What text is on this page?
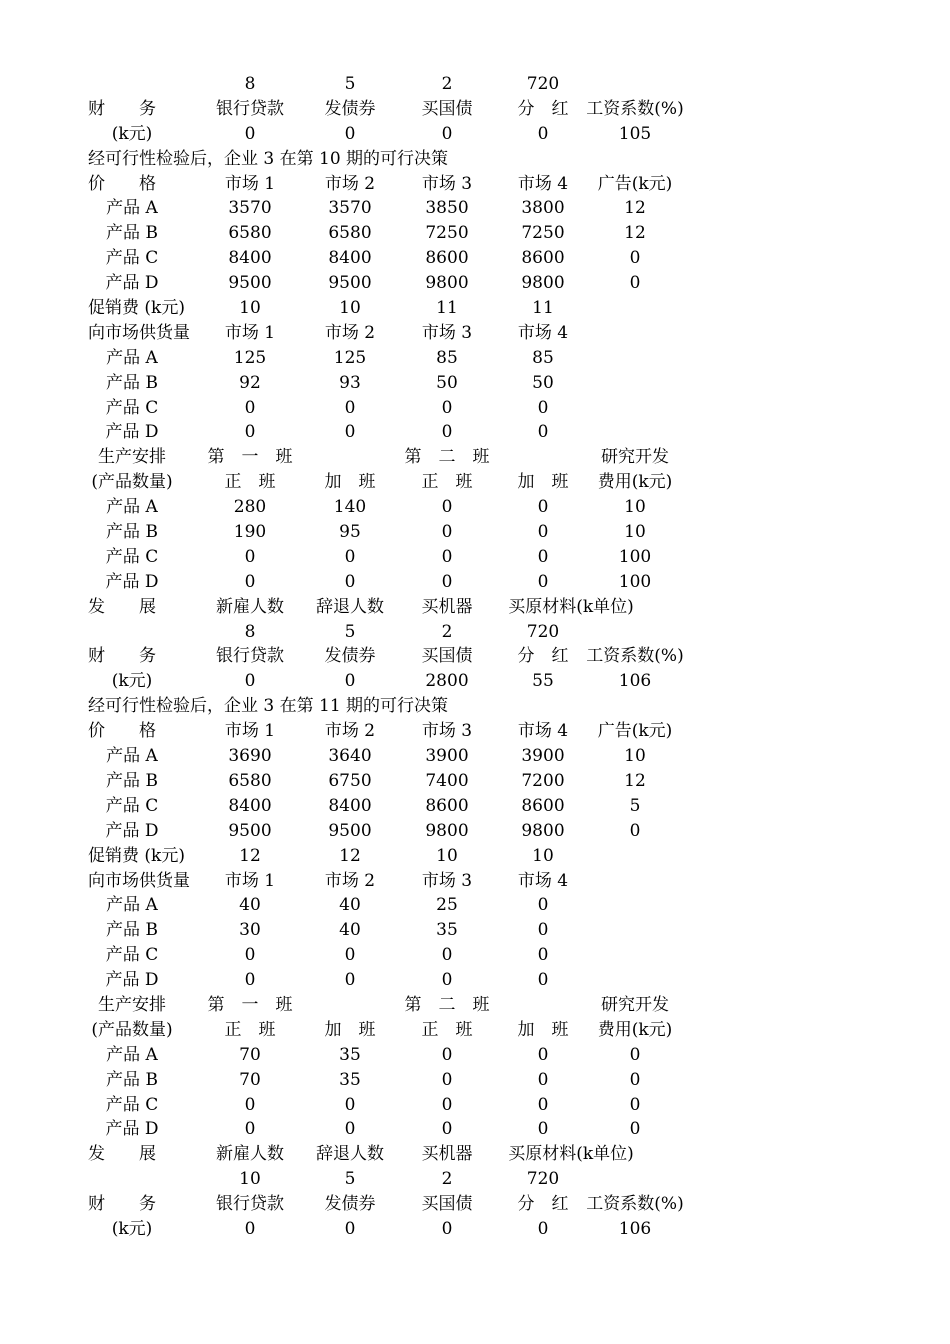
8	5	2	720
财　　务	银行贷款 发债券	买国债	分　红 工资系数(%)
(k元)	0	0	0	0	105
经可行性检验后，企业 3 在第 10 期的可行决策
价　　格	市场 1	市场 2	市场 3	市场 4 广告(k元)
产品 A	3570	3570	3850	3800	12
产品 B	6580	6580	7250	7250	12
产品 C	8400	8400	8600	8600	0
产品 D	9500	9500	9800	9800	0
促销费 (k元)	10	10	11	11
向市场供货量 市场 1	市场 2	市场 3	市场 4
产品 A	125	125	85	85
产品 B	92	93	50	50
产品 C	0	0	0	0
产品 D	0	0	0	0
生产安排 第　一　班	第　二　班	研究开发
(产品数量)	正　班	加　班	正　班	加　班 费用(k元)
产品 A	280	140	0	0	10
产品 B	190	95	0	0	10
产品 C	0	0	0	0	100
产品 D	0	0	0	0	100
发　　展	新雇人数 辞退人数 买机器 买原材料(k单位)
8	5	2	720
财　　务	银行贷款 发债券	买国债	分　红 工资系数(%)
(k元)	0	0	2800	55	106
经可行性检验后，企业 3 在第 11 期的可行决策
价　　格	市场 1	市场 2	市场 3	市场 4 广告(k元)
产品 A	3690	3640	3900	3900	10
产品 B	6580	6750	7400	7200	12
产品 C	8400	8400	8600	8600	5
产品 D	9500	9500	9800	9800	0
促销费 (k元)	12	12	10	10
向市场供货量 市场 1	市场 2	市场 3	市场 4
产品 A	40	40	25	0
产品 B	30	40	35	0
产品 C	0	0	0	0
产品 D	0	0	0	0
生产安排 第　一　班	第　二　班	研究开发
(产品数量)	正　班	加　班	正　班	加　班 费用(k元)
产品 A	70	35	0	0	0
产品 B	70	35	0	0	0
产品 C	0	0	0	0	0
产品 D	0	0	0	0	0
发　　展	新雇人数 辞退人数 买机器 买原材料(k单位)
10	5	2	720
财　　务	银行贷款 发债券	买国债	分　红 工资系数(%)
(k元)	0	0	0	0	106
